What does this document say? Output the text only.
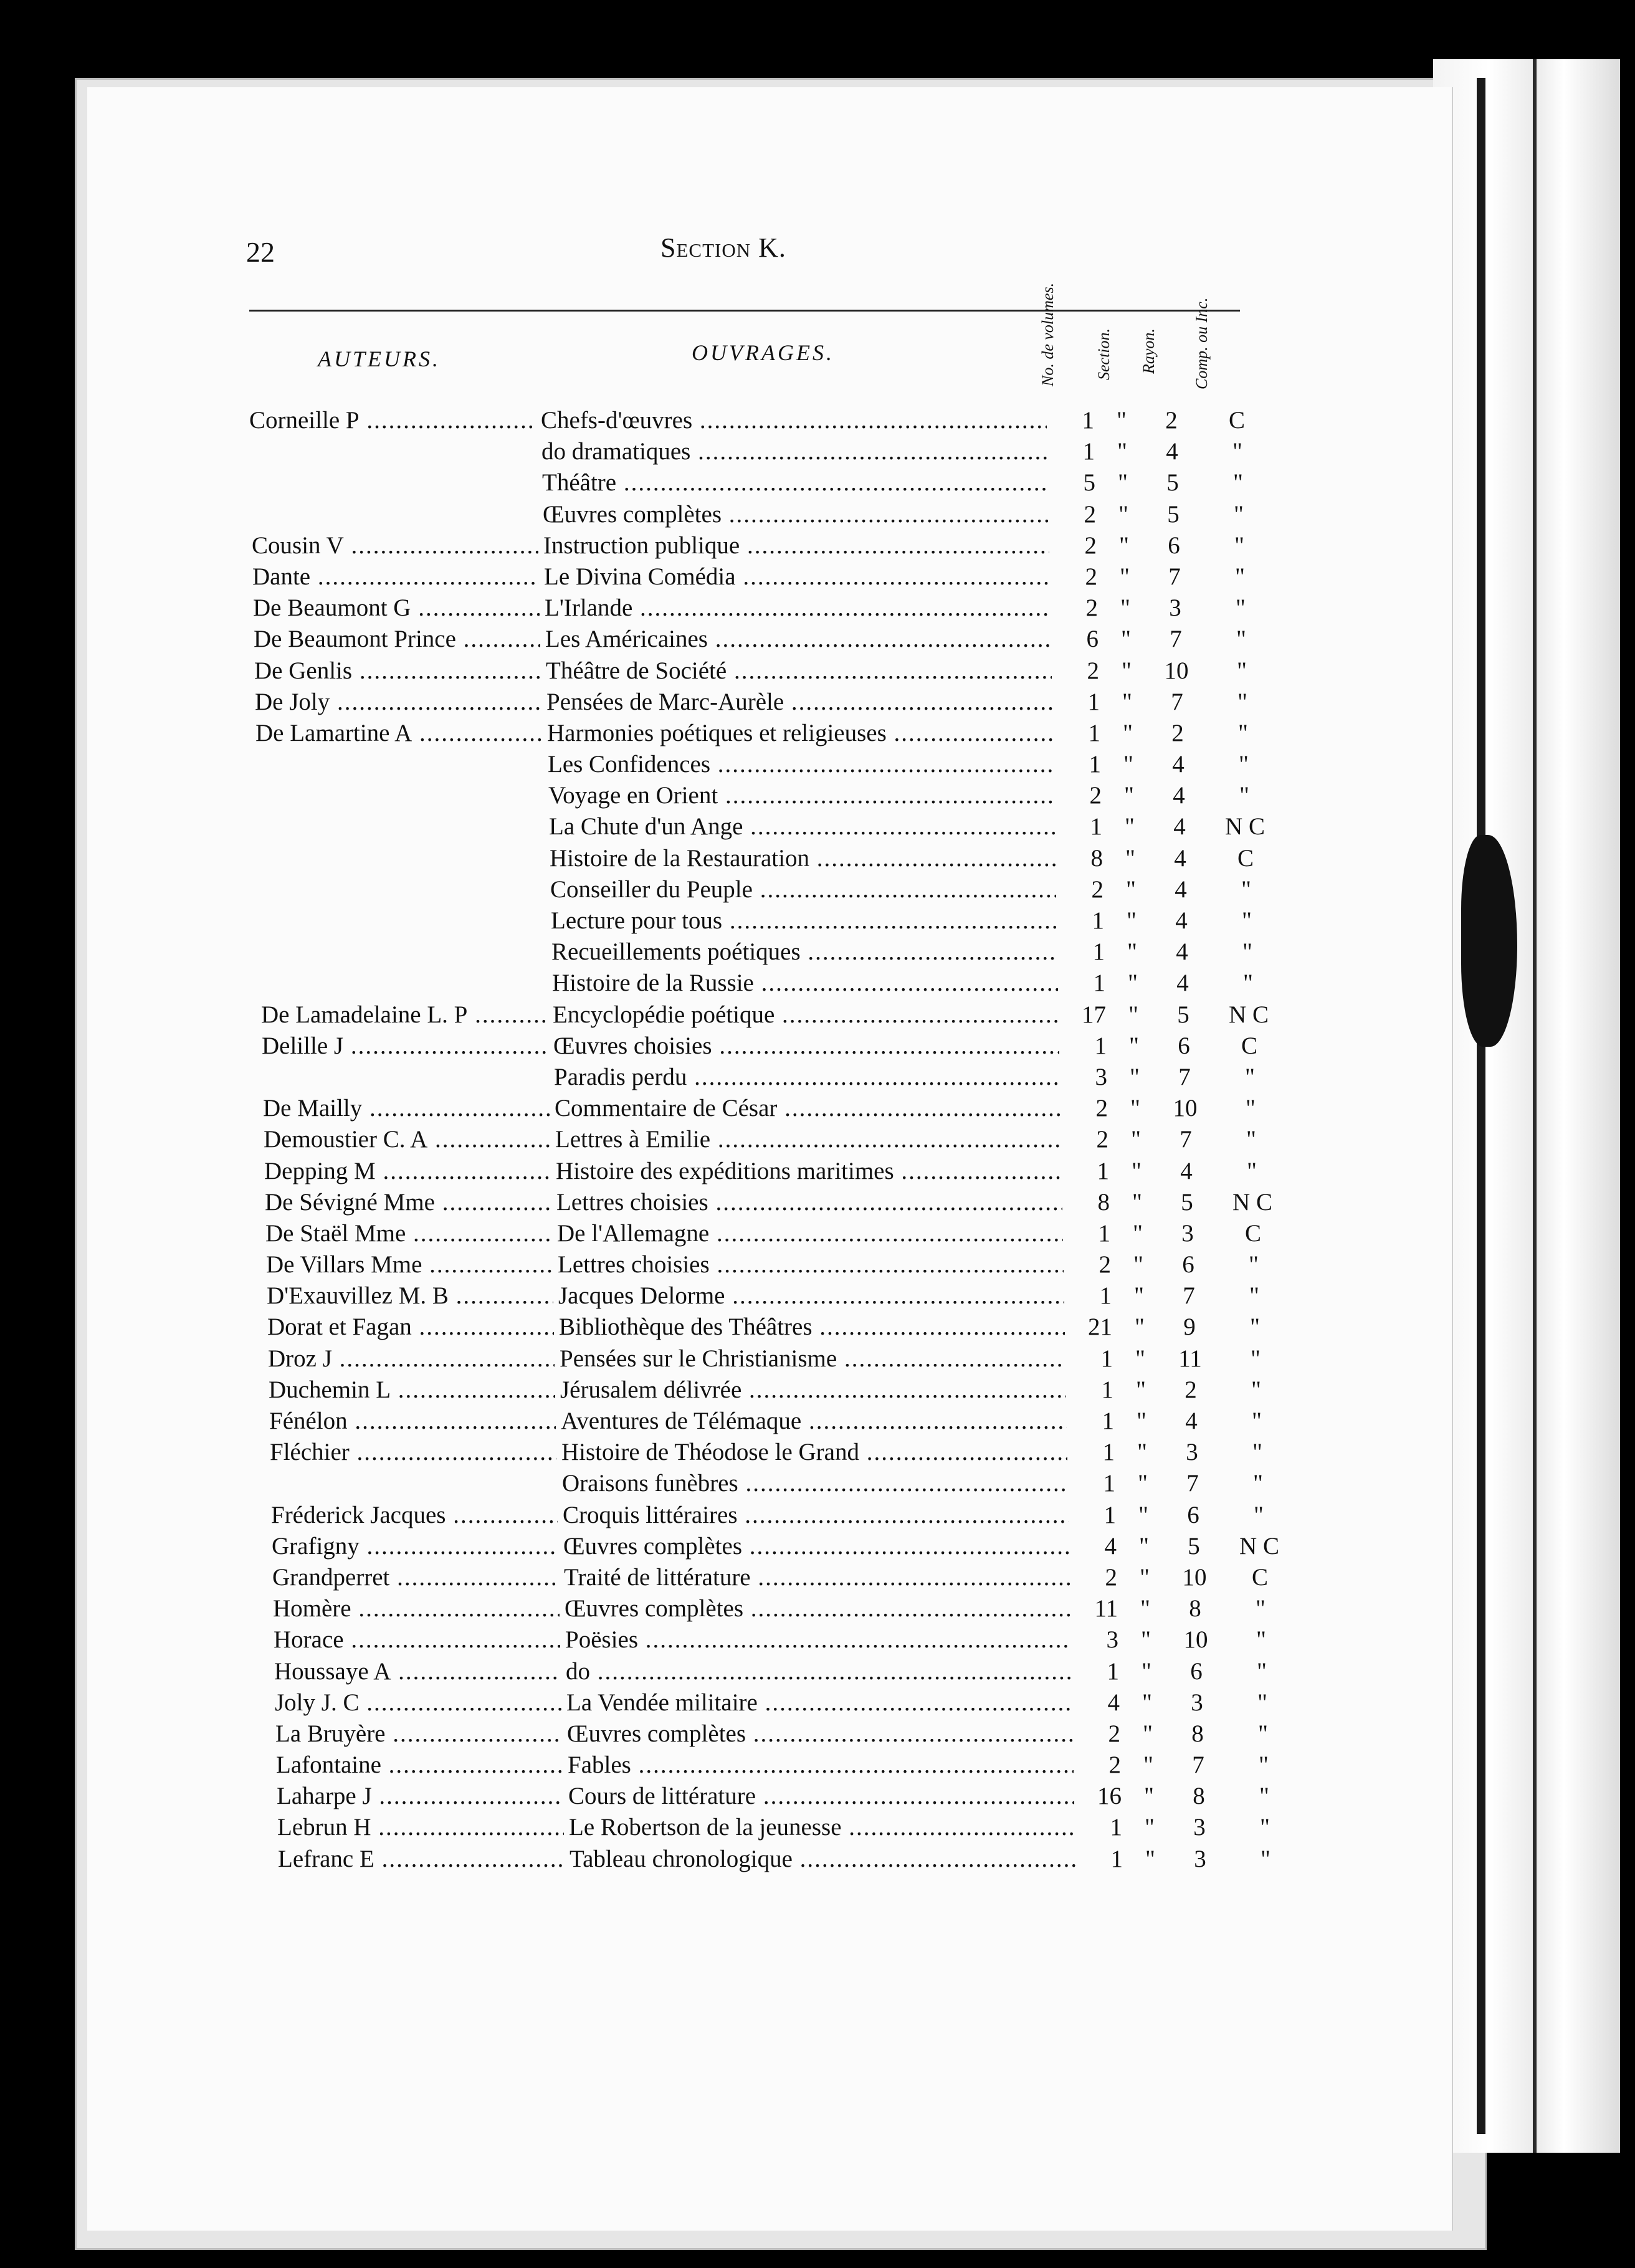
22	Section K.
AUTEURS.	OUVRAGES.	No. de volumes. Section. Rayon. Comp. ou Inc.
Corneille P .....	Chefs-d'œuvres .....	1 "	2	C
do dramatiques .....	1 "	4	"
Théâtre .....	5 "	5	"
Œuvres complètes .....	2 "	5	"
Cousin V .....	Instruction publique .....	2 "	6	"
Dante .....	Le Divina Comédia .....	2 "	7	"
De Beaumont G .....	L'Irlande .....	2 "	3	"
De Beaumont Prince .....	Les Américaines .....	6 "	7	"
De Genlis .....	Théâtre de Société .....	2 "	10	"
De Joly .....	Pensées de Marc-Aurèle .....	1 "	7	"
De Lamartine A .....	Harmonies poétiques et religieuses .....	1 "	2	"
Les Confidences .....	1 "	4	"
Voyage en Orient .....	2 "	4	"
La Chute d'un Ange .....	1 "	4	N C
Histoire de la Restauration .....	8 "	4	C
Conseiller du Peuple .....	2 "	4	"
Lecture pour tous .....	1 "	4	"
Recueillements poétiques .....	1 "	4	"
Histoire de la Russie .....	1 "	4	"
De Lamadelaine L. P .....	Encyclopédie poétique .....	17 "	5	N C
Delille J .....	Œuvres choisies .....	1 "	6	C
Paradis perdu .....	3 "	7	"
De Mailly .....	Commentaire de César .....	2 "	10	"
Demoustier C. A .....	Lettres à Emilie .....	2 "	7	"
Depping M .....	Histoire des expéditions maritimes .....	1 "	4	"
De Sévigné Mme .....	Lettres choisies .....	8 "	5	N C
De Staël Mme .....	De l'Allemagne .....	1 "	3	C
De Villars Mme .....	Lettres choisies .....	2 "	6	"
D'Exauvillez M. B .....	Jacques Delorme .....	1 "	7	"
Dorat et Fagan .....	Bibliothèque des Théâtres .....	21 "	9	"
Droz J .....	Pensées sur le Christianisme .....	1 "	11	"
Duchemin L .....	Jérusalem délivrée .....	1 "	2	"
Fénélon .....	Aventures de Télémaque .....	1 "	4	"
Fléchier .....	Histoire de Théodose le Grand .....	1 "	3	"
Oraisons funèbres .....	1 "	7	"
Fréderick Jacques .....	Croquis littéraires .....	1 "	6	"
Grafigny .....	Œuvres complètes .....	4 "	5	N C
Grandperret .....	Traité de littérature .....	2 "	10	C
Homère .....	Œuvres complètes .....	11 "	8	"
Horace .....	Poësies .....	3 "	10	"
Houssaye A .....	do .....	1 "	6	"
Joly J. C .....	La Vendée militaire .....	4 "	3	"
La Bruyère .....	Œuvres complètes .....	2 "	8	"
Lafontaine .....	Fables .....	2 "	7	"
Laharpe J .....	Cours de littérature .....	16 "	8	"
Lebrun H .....	Le Robertson de la jeunesse .....	1 "	3	"
Lefranc E .....	Tableau chronologique .....	1 "	3	"
